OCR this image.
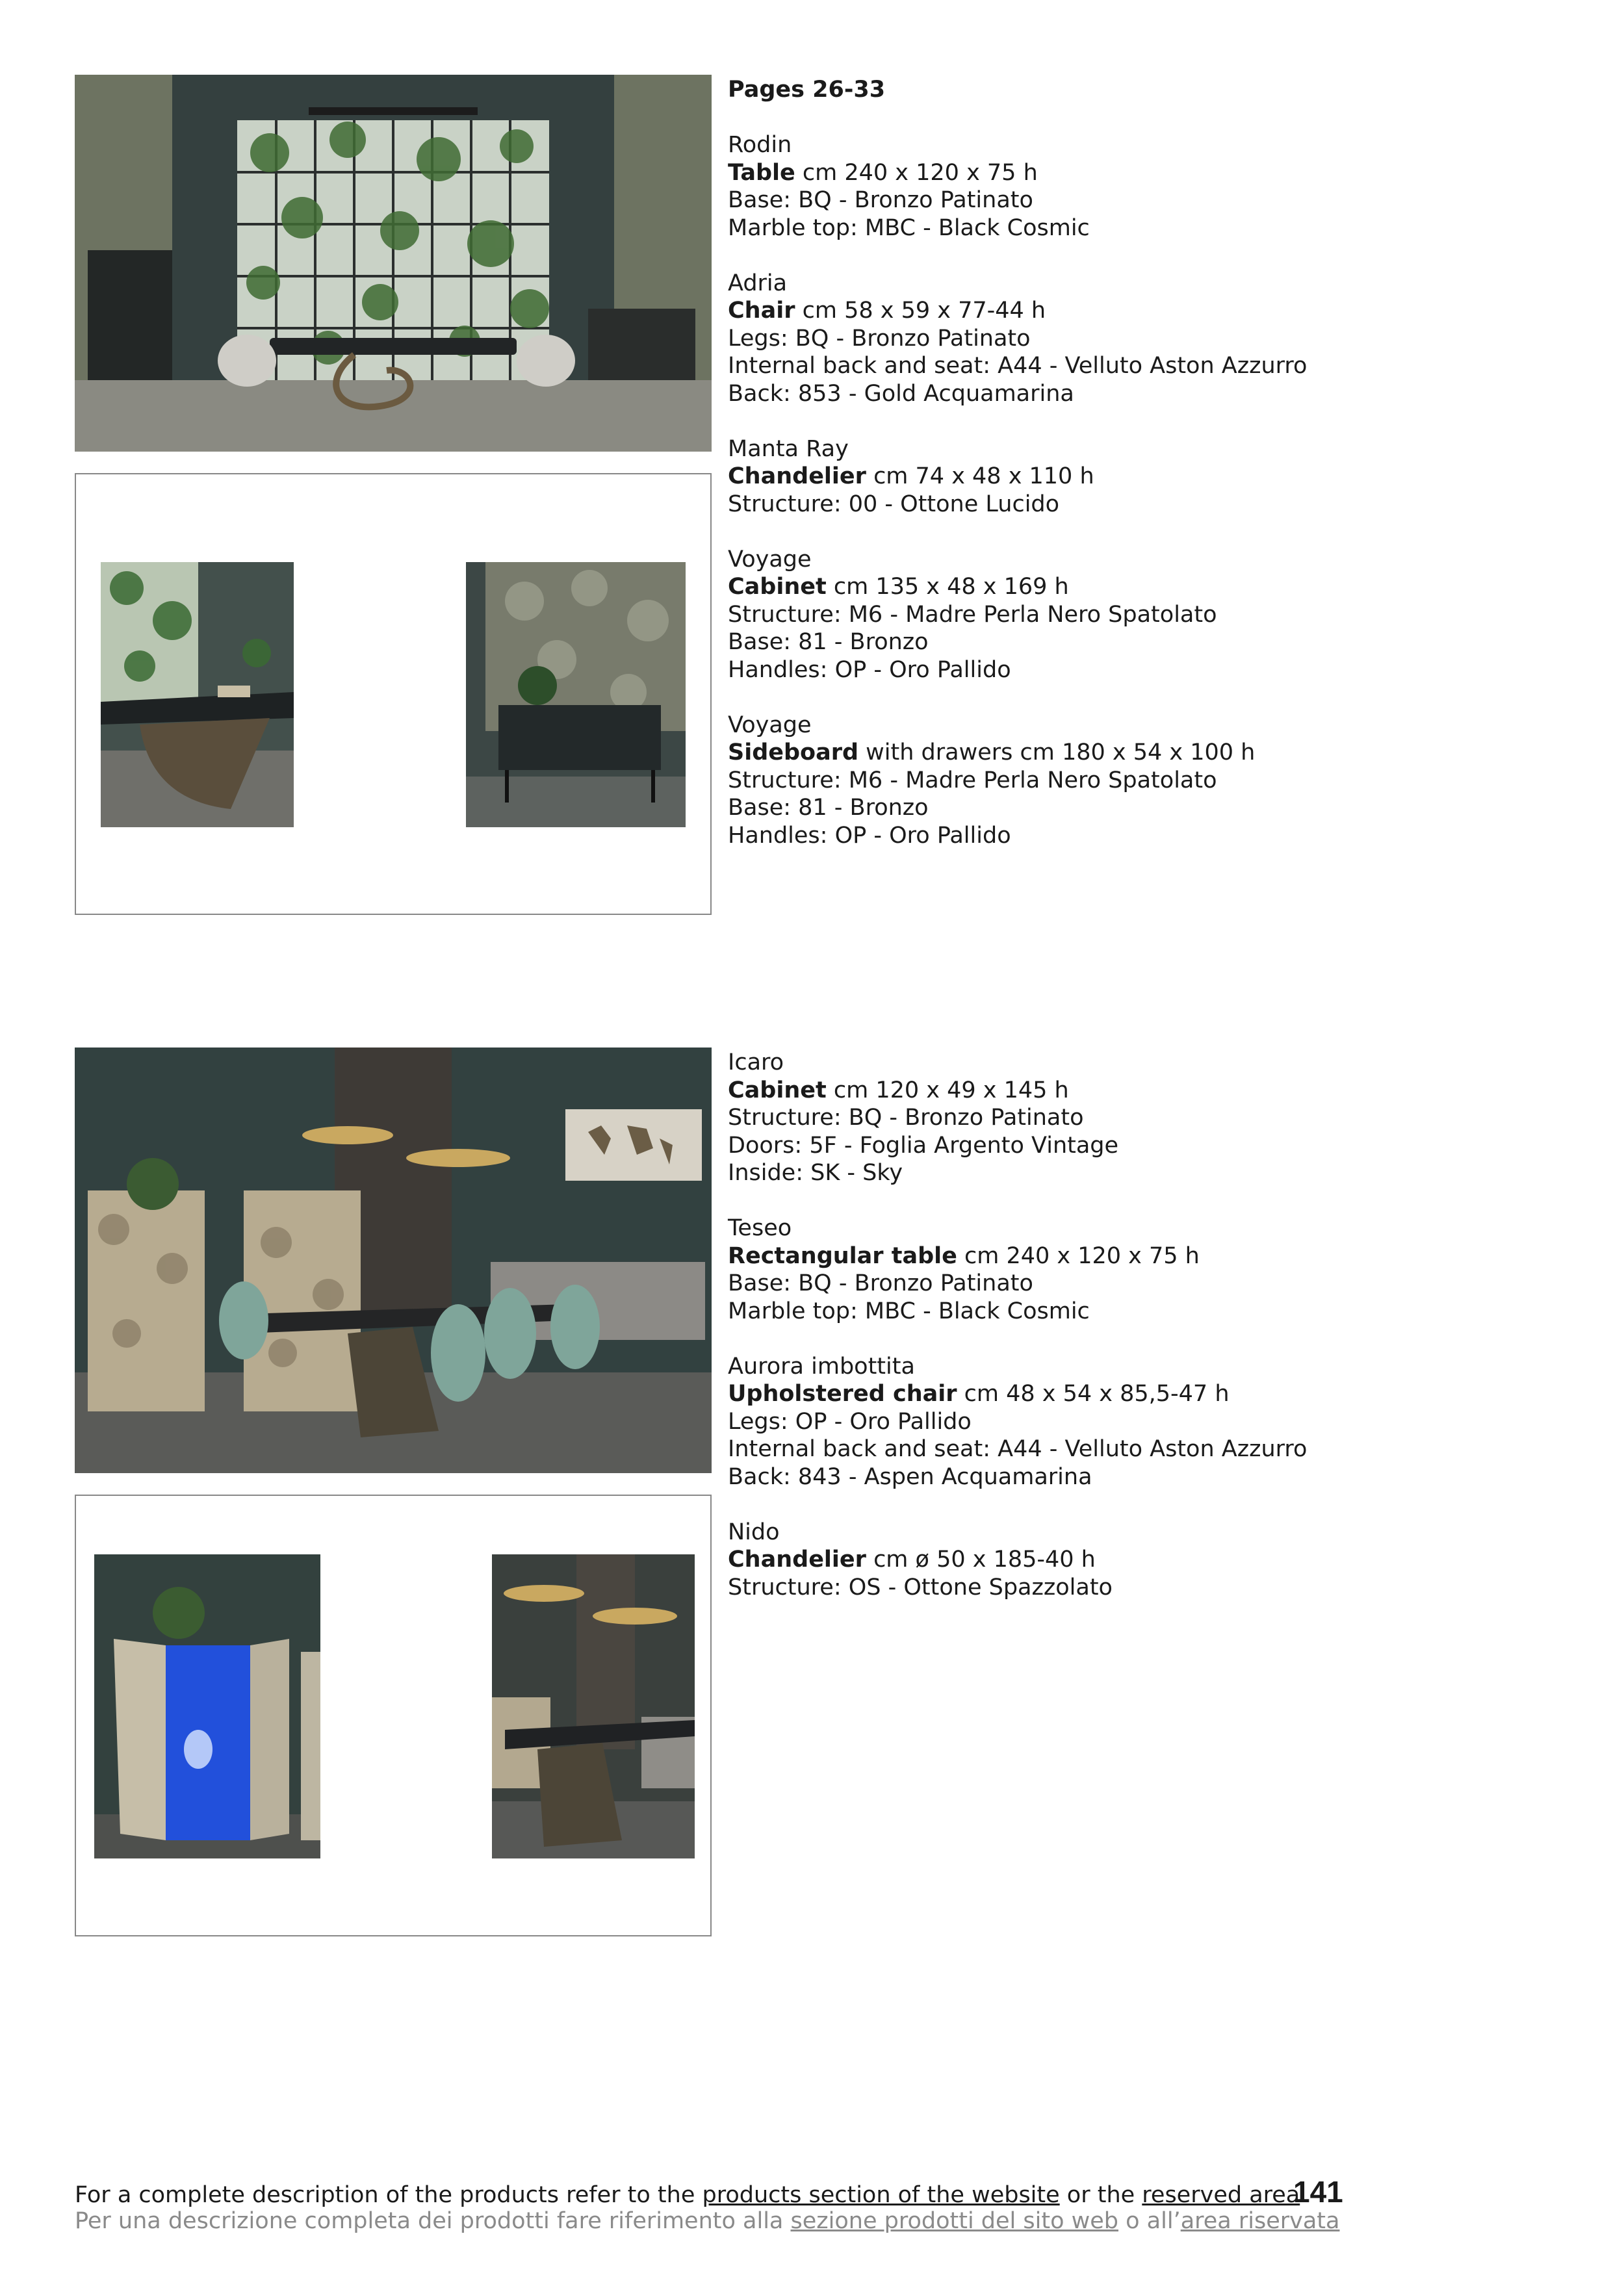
Pages 26-33
Rodin
Table cm 240 x 120 x 75 h
Base: BQ - Bronzo Patinato
Marble top: MBC - Black Cosmic
Adria
Chair cm 58 x 59 x 77-44 h
Legs: BQ - Bronzo Patinato
Internal back and seat: A44 - Velluto Aston Azzurro
Back: 853 - Gold Acquamarina
Manta Ray
Chandelier cm 74 x 48 x 110 h
Structure: 00 - Ottone Lucido
Voyage
Cabinet cm 135 x 48 x 169 h
Structure: M6 - Madre Perla Nero Spatolato
Base: 81 - Bronzo
Handles: OP - Oro Pallido
Voyage
Sideboard with drawers cm 180 x 54 x 100 h
Structure: M6 - Madre Perla Nero Spatolato
Base: 81 - Bronzo
Handles: OP - Oro Pallido
Icaro
Cabinet cm 120 x 49 x 145 h
Structure: BQ - Bronzo Patinato
Doors: 5F - Foglia Argento Vintage
Inside: SK - Sky
Teseo
Rectangular table cm 240 x 120 x 75 h
Base: BQ - Bronzo Patinato
Marble top: MBC - Black Cosmic
Aurora imbottita
Upholstered chair cm 48 x 54 x 85,5-47 h
Legs: OP - Oro Pallido
Internal back and seat: A44 - Velluto Aston Azzurro
Back: 843 - Aspen Acquamarina
Nido
Chandelier cm ø 50 x 185-40 h
Structure: OS - Ottone Spazzolato
For a complete description of the products refer to the products section of the website or the reserved area
Per una descrizione completa dei prodotti fare riferimento alla sezione prodotti del sito web o all’area riservata
141
